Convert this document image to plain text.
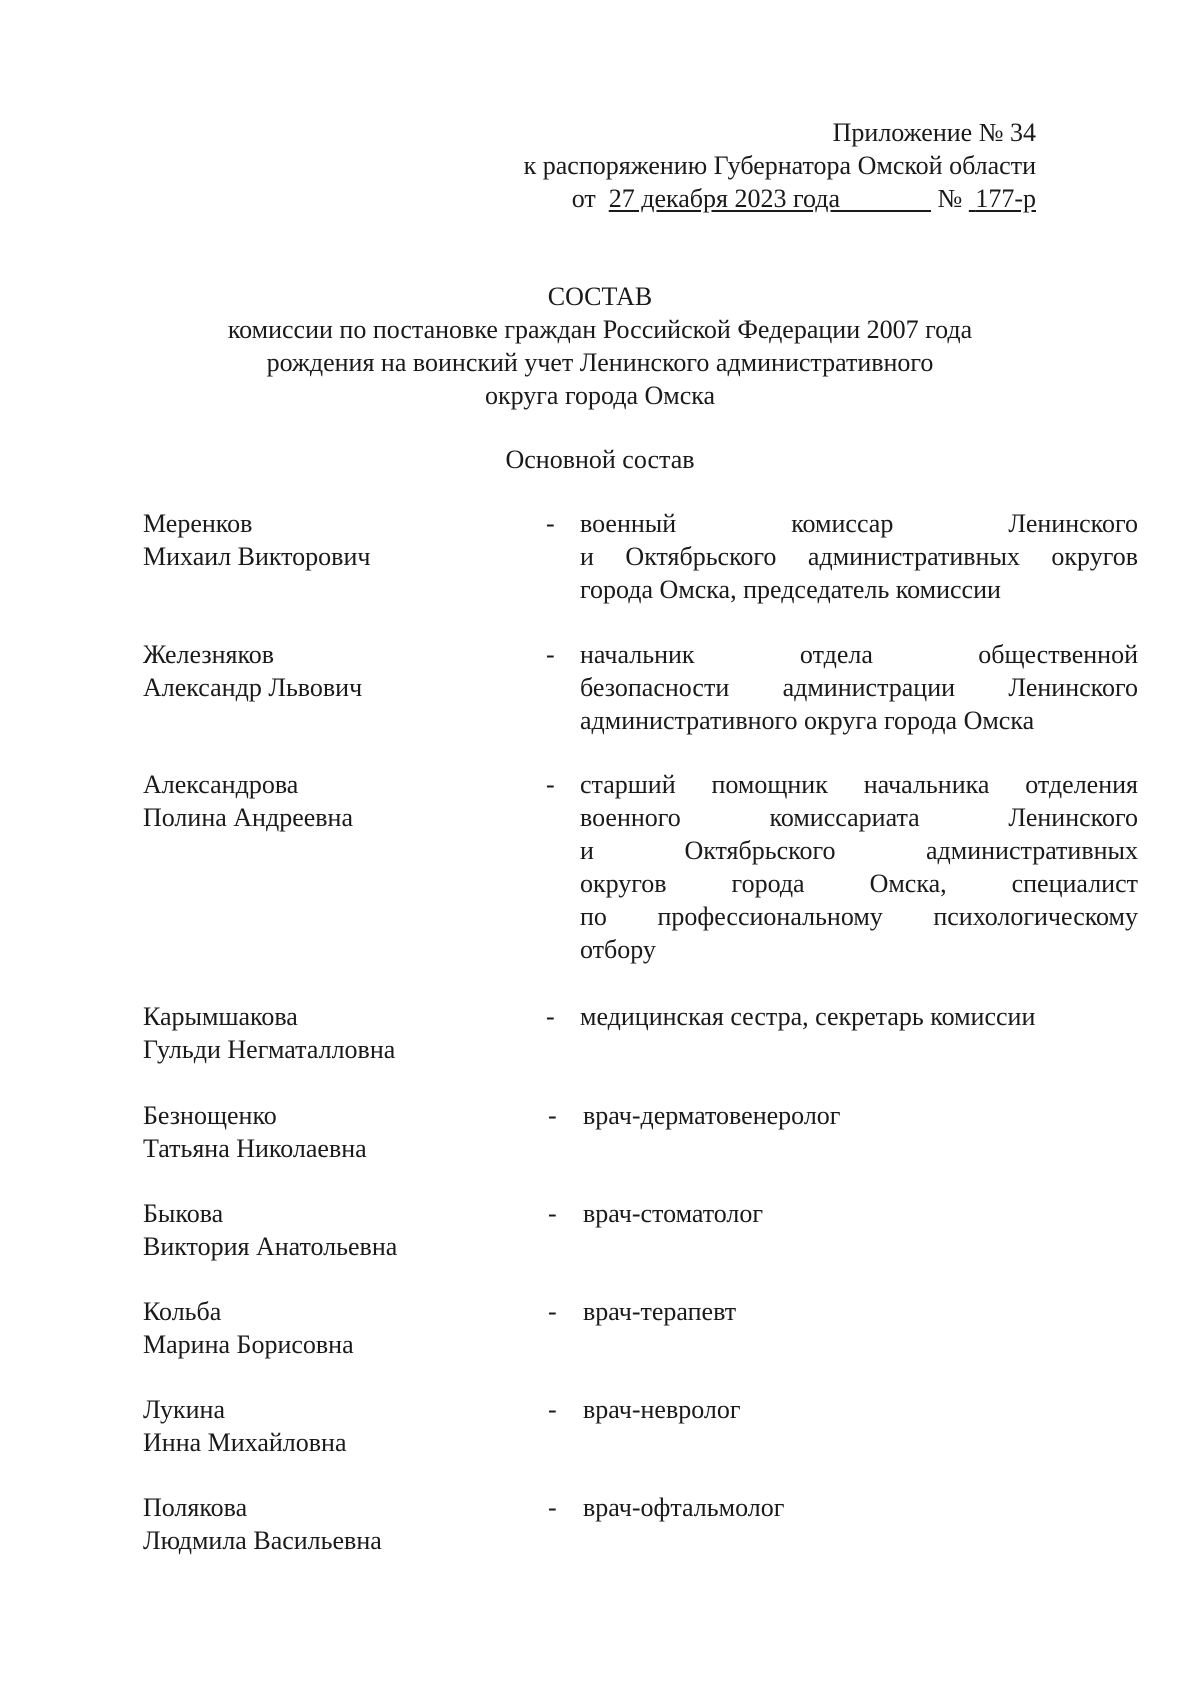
Приложение № 34
к распоряжению Губернатора Омской области
от 27 декабря 2023 года	№ 177-р
СОСТАВ
комиссии по постановке граждан Российской Федерации 2007 года
рождения на воинский учет Ленинского административного
округа города Омска
Основной состав
Меренков
Михаил Викторович
- военный комиссар Ленинского
и Октябрьского административных округов
города Омска, председатель комиссии
Железняков
Александр Львович
- начальник отдела общественной
безопасности администрации Ленинского
административного округа города Омска
Александрова
Полина Андреевна
- старший помощник начальника отделения
военного комиссариата Ленинского
и Октябрьского административных
округов города Омска, специалист
по профессиональному психологическому
отбору
Карымшакова
Гульди Негматалловна
- медицинская сестра, секретарь комиссии
Безнощенко
Татьяна Николаевна
- врач-дерматовенеролог
Быкова
Виктория Анатольевна
- врач-стоматолог
Кольба
Марина Борисовна
- врач-терапевт
Лукина
Инна Михайловна
- врач-невролог
Полякова
Людмила Васильевна
- врач-офтальмолог
